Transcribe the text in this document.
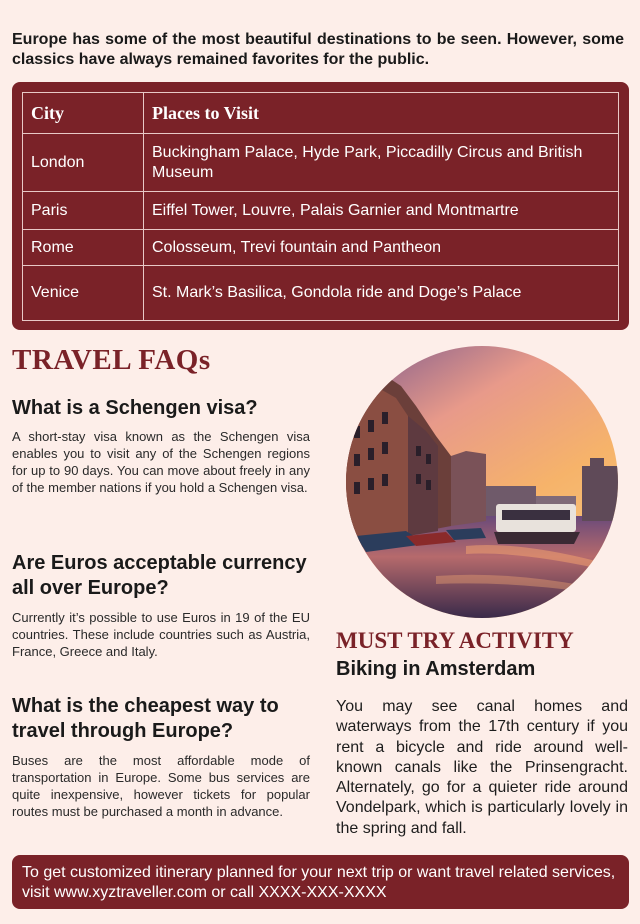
Europe has some of the most beautiful destinations to be seen. However, some classics have always remained favorites for the public.
City	Places to Visit
London	Buckingham Palace, Hyde Park, Piccadilly Circus and British Museum
Paris	Eiffel Tower, Louvre, Palais Garnier and Montmartre
Rome	Colosseum, Trevi fountain and Pantheon
Venice	St. Mark’s Basilica, Gondola ride and Doge’s Palace
TRAVEL FAQs
What is a Schengen visa?
A short-stay visa known as the Schengen visa enables you to visit any of the Schengen regions for up to 90 days. You can move about freely in any of the member nations if you hold a Schengen visa.
Are Euros acceptable currency all over Europe?
Currently it’s possible to use Euros in 19 of the EU countries. These include countries such as Austria, France, Greece and Italy.
What is the cheapest way to travel through Europe?
Buses are the most affordable mode of transportation in Europe. Some bus services are quite inexpensive, however tickets for popular routes must be purchased a month in advance.
MUST TRY ACTIVITY
Biking in Amsterdam
You may see canal homes and waterways from the 17th century if you rent a bicycle and ride around well-known canals like the Prinsengracht. Alternately, go for a quieter ride around Vondelpark, which is particularly lovely in the spring and fall.
To get customized itinerary planned for your next trip or want travel related services, visit www.xyztraveller.com or call XXXX-XXX-XXXX
